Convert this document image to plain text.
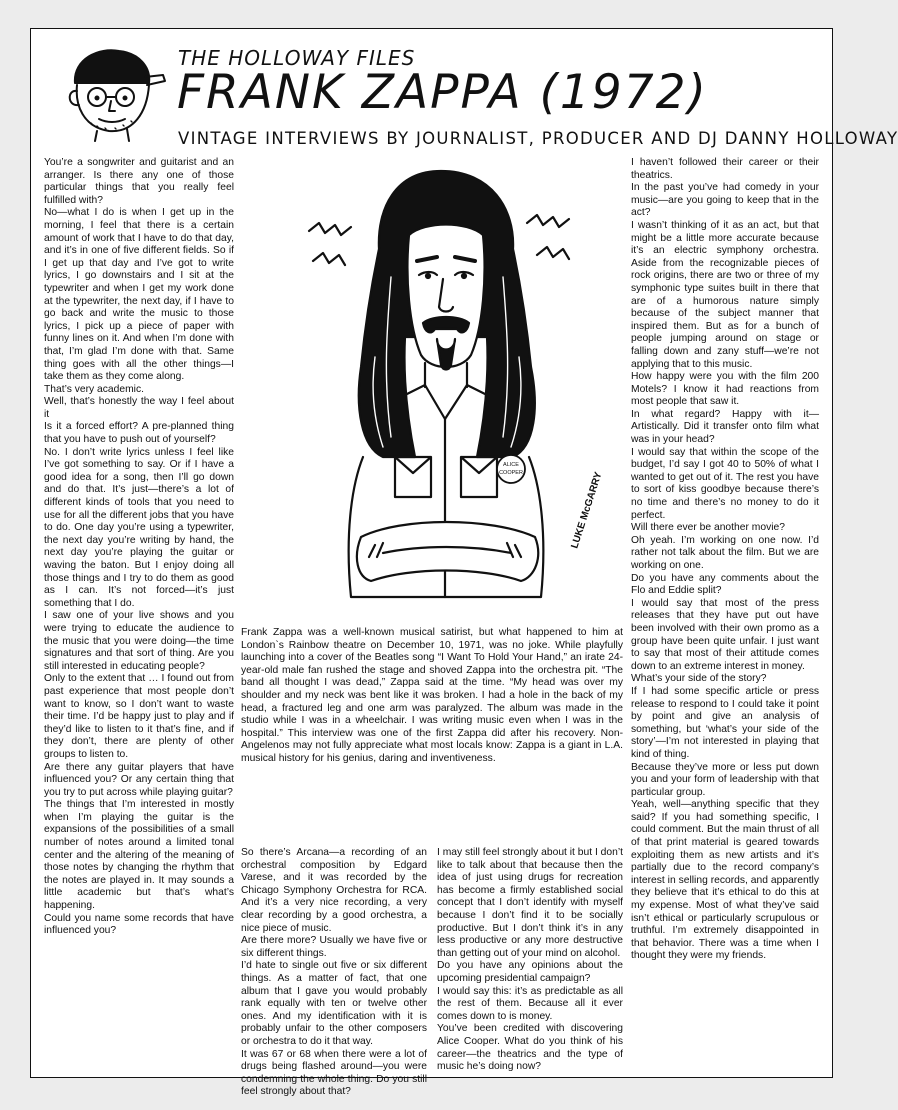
THE HOLLOWAY FILES
FRANK ZAPPA (1972)
VINTAGE INTERVIEWS BY JOURNALIST, PRODUCER AND DJ DANNY HOLLOWAY

You’re a songwriter and guitarist and an arranger. Is there any one of those particular things that you really feel fulfilled with?

No—what I do is when I get up in the morning, I feel that there is a certain amount of work that I have to do that day, and it’s in one of five different fields. So if I get up that day and I’ve got to write lyrics, I go downstairs and I sit at the typewriter and when I get my work done at the typewriter, the next day, if I have to go back and write the music to those lyrics, I pick up a piece of paper with funny lines on it. And when I’m done with that, I’m glad I’m done with that. Same thing goes with all the other things—I take them as they come along.

That’s very academic.

Well, that’s honestly the way I feel about it

Is it a forced effort? A pre-planned thing that you have to push out of yourself?

No. I don’t write lyrics unless I feel like I’ve got something to say. Or if I have a good idea for a song, then I’ll go down and do that. It’s just—there’s a lot of different kinds of tools that you need to use for all the different jobs that you have to do. One day you’re using a typewriter, the next day you’re writing by hand, the next day you’re playing the guitar or waving the baton. But I enjoy doing all those things and I try to do them as good as I can. It’s not forced—it’s just something that I do.

I saw one of your live shows and you were trying to educate the audience to the music that you were doing—the time signatures and that sort of thing. Are you still interested in educating people?

Only to the extent that … I found out from past experience that most people don’t want to know, so I don’t want to waste their time. I’d be happy just to play and if they’d like to listen to it that’s fine, and if they don’t, there are plenty of other groups to listen to.

Are there any guitar players that have influenced you? Or any certain thing that you try to put across while playing guitar?

The things that I’m interested in mostly when I’m playing the guitar is the expansions of the possibilities of a small number of notes around a limited tonal center and the altering of the meaning of those notes by changing the rhythm that the notes are played in. It may sounds a little academic but that’s what’s happening.

Could you name some records that have influenced you?

ALICE
COOPER	LUKE McGARRY

Frank Zappa was a well-known musical satirist, but what happened to him at London`s Rainbow theatre on December 10, 1971, was no joke. While playfully launching into a cover of the Beatles song “I Want To Hold Your Hand,” an irate 24-year-old male fan rushed the stage and shoved Zappa into the orchestra pit. “The band all thought I was dead,” Zappa said at the time. “My head was over my shoulder and my neck was bent like it was broken. I had a hole in the back of my head, a fractured leg and one arm was paralyzed. The album was made in the studio while I was in a wheelchair. I was writing music even when I was in the hospital.” This interview was one of the first Zappa did after his recovery. Non-Angelenos may not fully appreciate what most locals know: Zappa is a giant in L.A. musical history for his genius, daring and inventiveness.

So there’s Arcana—a recording of an orchestral composition by Edgard Varese, and it was recorded by the Chicago Symphony Orchestra for RCA. And it’s a very nice recording, a very clear recording by a good orchestra, a nice piece of music.

Are there more? Usually we have five or six different things.

I’d hate to single out five or six different things. As a matter of fact, that one album that I gave you would probably rank equally with ten or twelve other ones. And my identification with it is probably unfair to the other composers or orchestra to do it that way.

It was 67 or 68 when there were a lot of drugs being flashed around—you were condemning the whole thing. Do you still feel strongly about that?

I may still feel strongly about it but I don’t like to talk about that because then the idea of just using drugs for recreation has become a firmly established social concept that I don’t identify with myself because I don’t find it to be socially productive. But I don’t think it’s in any less productive or any more destructive than getting out of your mind on alcohol.

Do you have any opinions about the upcoming presidential campaign?

I would say this: it’s as predictable as all the rest of them. Because all it ever comes down to is money.

You’ve been credited with discovering Alice Cooper. What do you think of his career—the theatrics and the type of music he’s doing now?

I haven’t followed their career or their theatrics.

In the past you’ve had comedy in your music—are you going to keep that in the act?

I wasn’t thinking of it as an act, but that might be a little more accurate because it’s an electric symphony orchestra. Aside from the recognizable pieces of rock origins, there are two or three of my symphonic type suites built in there that are of a humorous nature simply because of the subject manner that inspired them. But as for a bunch of people jumping around on stage or falling down and zany stuff—we’re not applying that to this music.

How happy were you with the film 200 Motels? I know it had reactions from most people that saw it.

In what regard? Happy with it—Artistically. Did it transfer onto film what was in your head?

I would say that within the scope of the budget, I’d say I got 40 to 50% of what I wanted to get out of it. The rest you have to sort of kiss goodbye because there’s no time and there’s no money to do it perfect.

Will there ever be another movie?

Oh yeah. I’m working on one now. I’d rather not talk about the film. But we are working on one.

Do you have any comments about the Flo and Eddie split?

I would say that most of the press releases that they have put out have been involved with their own promo as a group have been quite unfair. I just want to say that most of their attitude comes down to an extreme interest in money.

What’s your side of the story?

If I had some specific article or press release to respond to I could take it point by point and give an analysis of something, but ‘what’s your side of the story’—I’m not interested in playing that kind of thing.

Because they’ve more or less put down you and your form of leadership with that particular group.

Yeah, well—anything specific that they said? If you had something specific, I could comment. But the main thrust of all of that print material is geared towards exploiting them as new artists and it’s partially due to the record company’s interest in selling records, and apparently they believe that it’s ethical to do this at my expense. Most of what they’ve said isn’t ethical or particularly scrupulous or truthful. I’m extremely disappointed in that behavior. There was a time when I thought they were my friends.
